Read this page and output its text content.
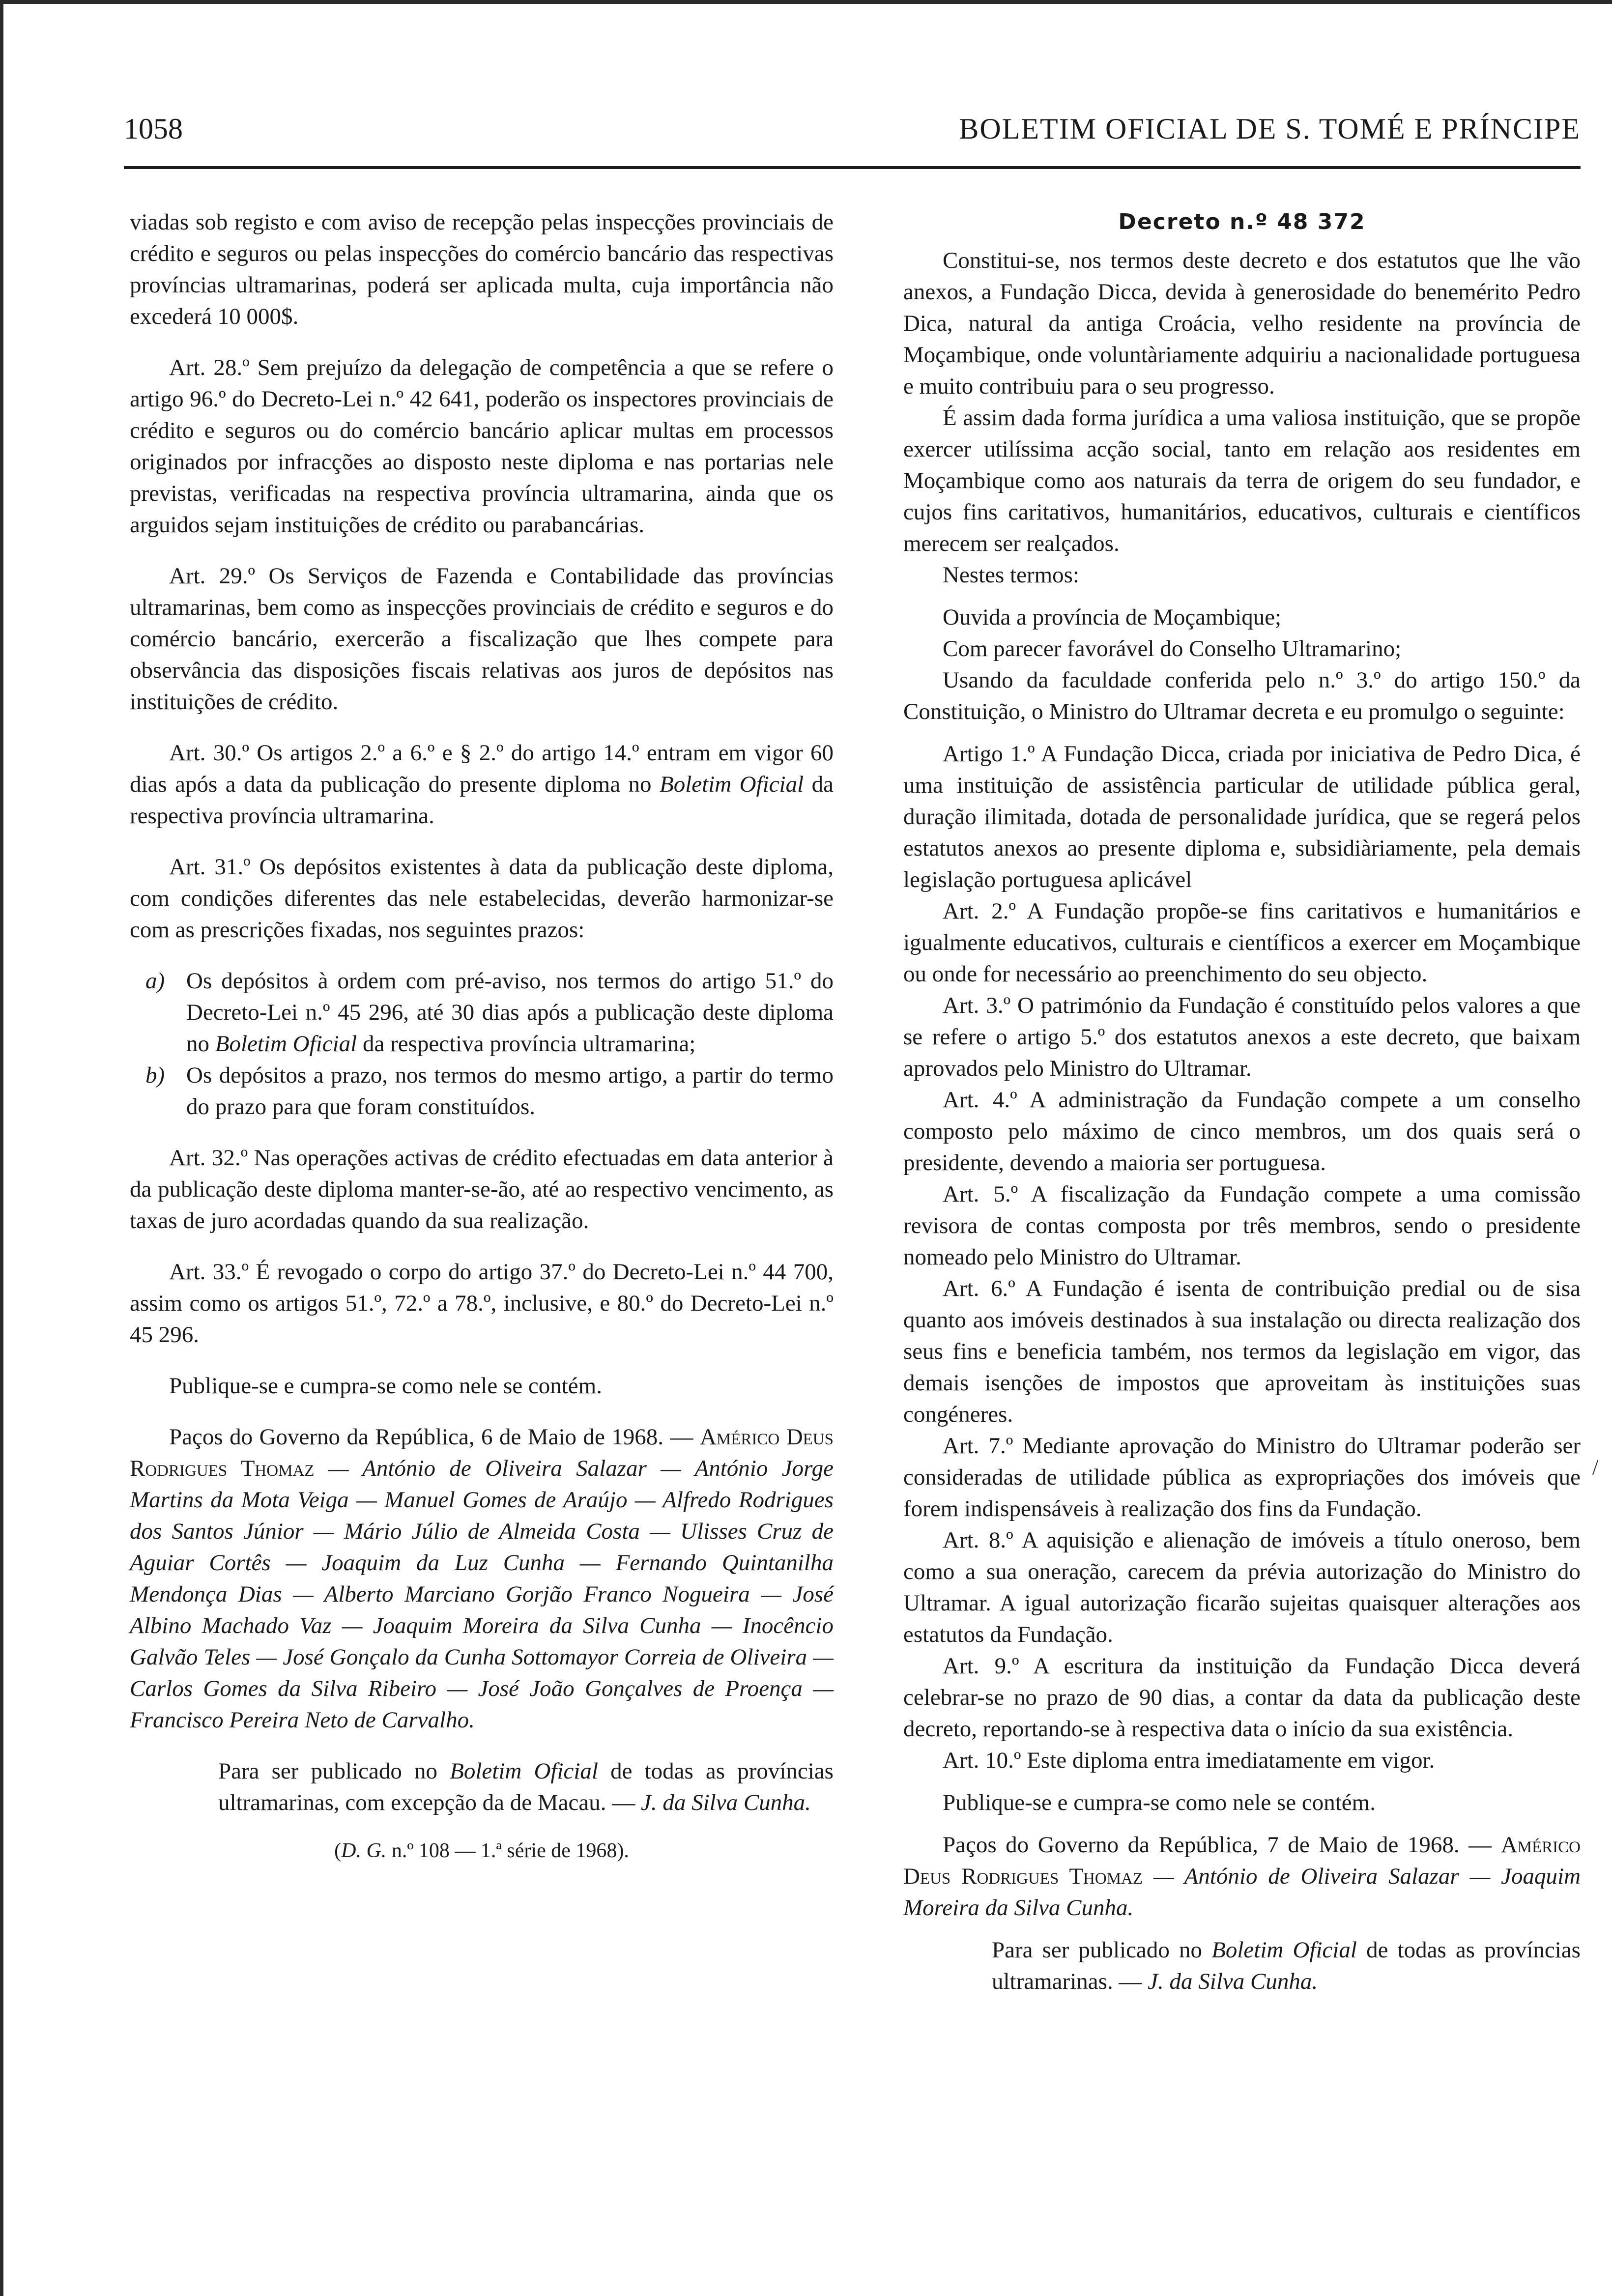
1058	BOLETIM OFICIAL DE S. TOMÉ E PRÍNCIPE

viadas sob registo e com aviso de recepção pelas inspecções provinciais de crédito e seguros ou pelas inspecções do comércio bancário das respectivas províncias ultramarinas, poderá ser aplicada multa, cuja importância não excederá 10 000$.

Art. 28.º Sem prejuízo da delegação de competência a que se refere o artigo 96.º do Decreto-Lei n.º 42 641, poderão os inspectores provinciais de crédito e seguros ou do comércio bancário aplicar multas em processos originados por infracções ao disposto neste diploma e nas portarias nele previstas, verificadas na respectiva província ultramarina, ainda que os arguidos sejam instituições de crédito ou parabancárias.

Art. 29.º Os Serviços de Fazenda e Contabilidade das províncias ultramarinas, bem como as inspecções provinciais de crédito e seguros e do comércio bancário, exercerão a fiscalização que lhes compete para observância das disposições fiscais relativas aos juros de depósitos nas instituições de crédito.

Art. 30.º Os artigos 2.º a 6.º e § 2.º do artigo 14.º entram em vigor 60 dias após a data da publicação do presente diploma no Boletim Oficial da respectiva província ultramarina.

Art. 31.º Os depósitos existentes à data da publicação deste diploma, com condições diferentes das nele estabelecidas, deverão harmonizar-se com as prescrições fixadas, nos seguintes prazos:

a) Os depósitos à ordem com pré-aviso, nos termos do artigo 51.º do Decreto-Lei n.º 45 296, até 30 dias após a publicação deste diploma no Boletim Oficial da respectiva província ultramarina;

b) Os depósitos a prazo, nos termos do mesmo artigo, a partir do termo do prazo para que foram constituídos.

Art. 32.º Nas operações activas de crédito efectuadas em data anterior à da publicação deste diploma manter-se-ão, até ao respectivo vencimento, as taxas de juro acordadas quando da sua realização.

Art. 33.º É revogado o corpo do artigo 37.º do Decreto-Lei n.º 44 700, assim como os artigos 51.º, 72.º a 78.º, inclusive, e 80.º do Decreto-Lei n.º 45 296.

Publique-se e cumpra-se como nele se contém.

Paços do Governo da República, 6 de Maio de 1968. — Américo Deus Rodrigues Thomaz — António de Oliveira Salazar — António Jorge Martins da Mota Veiga — Manuel Gomes de Araújo — Alfredo Rodrigues dos Santos Júnior — Mário Júlio de Almeida Costa — Ulisses Cruz de Aguiar Cortês — Joaquim da Luz Cunha — Fernando Quintanilha Mendonça Dias — Alberto Marciano Gorjão Franco Nogueira — José Albino Machado Vaz — Joaquim Moreira da Silva Cunha — Inocêncio Galvão Teles — José Gonçalo da Cunha Sottomayor Correia de Oliveira — Carlos Gomes da Silva Ribeiro — José João Gonçalves de Proença — Francisco Pereira Neto de Carvalho.

Para ser publicado no Boletim Oficial de todas as províncias ultramarinas, com excepção da de Macau. — J. da Silva Cunha.

(D. G. n.º 108 — 1.ª série de 1968).

Decreto n.º 48 372

Constitui-se, nos termos deste decreto e dos estatutos que lhe vão anexos, a Fundação Dicca, devida à generosidade do benemérito Pedro Dica, natural da antiga Croácia, velho residente na província de Moçambique, onde voluntàriamente adquiriu a nacionalidade portuguesa e muito contribuiu para o seu progresso.

É assim dada forma jurídica a uma valiosa instituição, que se propõe exercer utilíssima acção social, tanto em relação aos residentes em Moçambique como aos naturais da terra de origem do seu fundador, e cujos fins caritativos, humanitários, educativos, culturais e científicos merecem ser realçados.

Nestes termos:

Ouvida a província de Moçambique;

Com parecer favorável do Conselho Ultramarino;

Usando da faculdade conferida pelo n.º 3.º do artigo 150.º da Constituição, o Ministro do Ultramar decreta e eu promulgo o seguinte:

Artigo 1.º A Fundação Dicca, criada por iniciativa de Pedro Dica, é uma instituição de assistência particular de utilidade pública geral, duração ilimitada, dotada de personalidade jurídica, que se regerá pelos estatutos anexos ao presente diploma e, subsidiàriamente, pela demais legislação portuguesa aplicável

Art. 2.º A Fundação propõe-se fins caritativos e humanitários e igualmente educativos, culturais e científicos a exercer em Moçambique ou onde for necessário ao preenchimento do seu objecto.

Art. 3.º O património da Fundação é constituído pelos valores a que se refere o artigo 5.º dos estatutos anexos a este decreto, que baixam aprovados pelo Ministro do Ultramar.

Art. 4.º A administração da Fundação compete a um conselho composto pelo máximo de cinco membros, um dos quais será o presidente, devendo a maioria ser portuguesa.

Art. 5.º A fiscalização da Fundação compete a uma comissão revisora de contas composta por três membros, sendo o presidente nomeado pelo Ministro do Ultramar.

Art. 6.º A Fundação é isenta de contribuição predial ou de sisa quanto aos imóveis destinados à sua instalação ou directa realização dos seus fins e beneficia também, nos termos da legislação em vigor, das demais isenções de impostos que aproveitam às instituições suas congéneres.

Art. 7.º Mediante aprovação do Ministro do Ultramar poderão ser consideradas de utilidade pública as expropriações dos imóveis que forem indispensáveis à realização dos fins da Fundação.

Art. 8.º A aquisição e alienação de imóveis a título oneroso, bem como a sua oneração, carecem da prévia autorização do Ministro do Ultramar. A igual autorização ficarão sujeitas quaisquer alterações aos estatutos da Fundação.

Art. 9.º A escritura da instituição da Fundação Dicca deverá celebrar-se no prazo de 90 dias, a contar da data da publicação deste decreto, reportando-se à respectiva data o início da sua existência.

Art. 10.º Este diploma entra imediatamente em vigor.

Publique-se e cumpra-se como nele se contém.

Paços do Governo da República, 7 de Maio de 1968. — Américo Deus Rodrigues Thomaz — António de Oliveira Salazar — Joaquim Moreira da Silva Cunha.

Para ser publicado no Boletim Oficial de todas as províncias ultramarinas. — J. da Silva Cunha.

/
